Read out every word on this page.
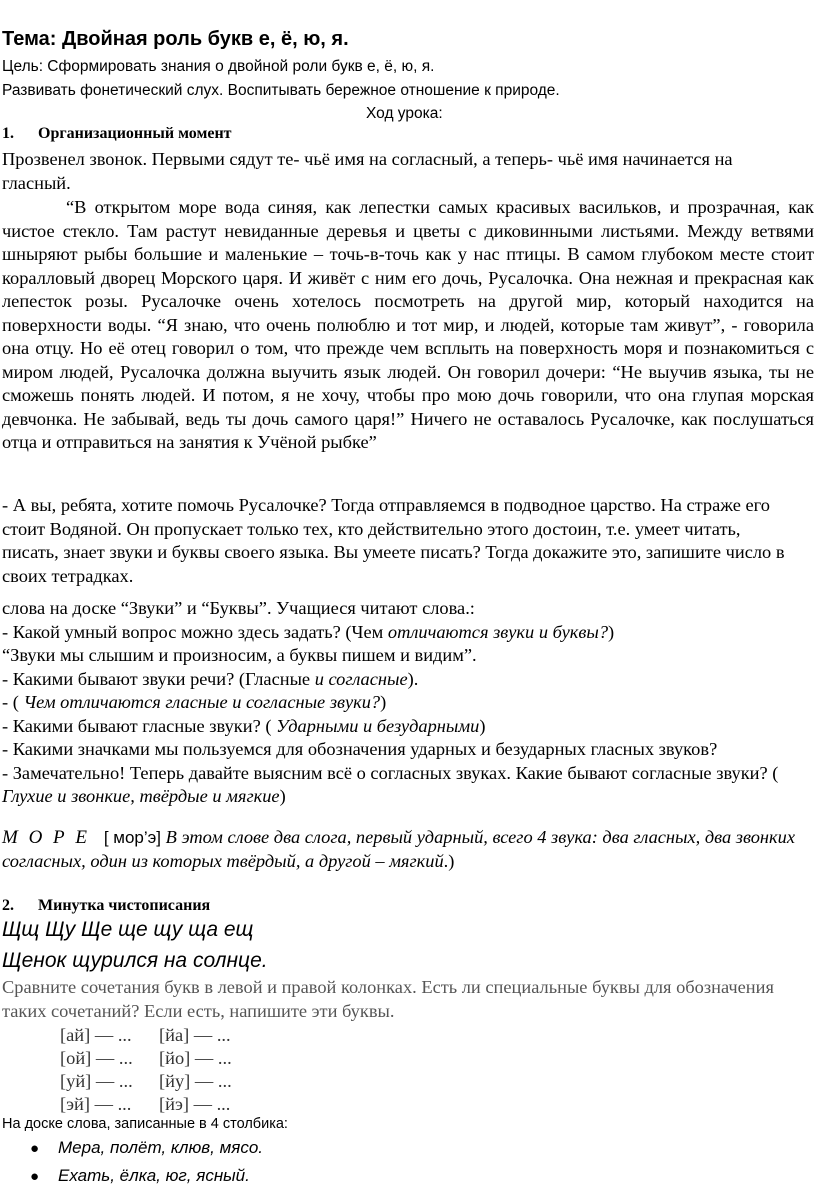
Тема: Двойная роль букв е, ё, ю, я.
Цель: Сформировать знания о двойной роли букв е, ё, ю, я.
Развивать фонетический слух. Воспитывать бережное отношение к природе.
Ход урока:
1. Организационный момент
Прозвенел звонок. Первыми сядут те- чьё имя на согласный, а теперь- чьё имя начинается на гласный.
“В открытом море вода синяя, как лепестки самых красивых васильков, и прозрачная, как чистое стекло. Там растут невиданные деревья и цветы с диковинными листьями. Между ветвями шныряют рыбы большие и маленькие – точь-в-точь как у нас птицы. В самом глубоком месте стоит коралловый дворец Морского царя. И живёт с ним его дочь, Русалочка. Она нежная и прекрасная как лепесток розы. Русалочке очень хотелось посмотреть на другой мир, который находится на поверхности воды. “Я знаю, что очень полюблю и тот мир, и людей, которые там живут”, - говорила она отцу. Но её отец говорил о том, что прежде чем всплыть на поверхность моря и познакомиться с миром людей, Русалочка должна выучить язык людей. Он говорил дочери: “Не выучив языка, ты не сможешь понять людей. И потом, я не хочу, чтобы про мою дочь говорили, что она глупая морская девчонка. Не забывай, ведь ты дочь самого царя!” Ничего не оставалось Русалочке, как послушаться отца и отправиться на занятия к Учёной рыбке”
- А вы, ребята, хотите помочь Русалочке? Тогда отправляемся в подводное царство. На страже его стоит Водяной. Он пропускает только тех, кто действительно этого достоин, т.е. умеет читать, писать, знает звуки и буквы своего языка. Вы умеете писать? Тогда докажите это, запишите число в своих тетрадках.
слова на доске “Звуки” и “Буквы”. Учащиеся читают слова.:
- Какой умный вопрос можно здесь задать? (Чем отличаются звуки и буквы?)
“Звуки мы слышим и произносим, а буквы пишем и видим”.
- Какими бывают звуки речи? (Гласные и согласные).
- ( Чем отличаются гласные и согласные звуки?)
- Какими бывают гласные звуки? ( Ударными и безударными)
- Какими значками мы пользуемся для обозначения ударных и безударных гласных звуков?
- Замечательно! Теперь давайте выясним всё о согласных звуках. Какие бывают согласные звуки? ( Глухие и звонкие, твёрдые и мягкие)
М О Р Е [ мор’э] В этом слове два слога, первый ударный, всего 4 звука: два гласных, два звонких согласных, один из которых твёрдый, а другой – мягкий.)
2. Минутка чистописания
Щщ Щу Ще ще щу ща ещ
Щенок щурился на солнце.
Сравните сочетания букв в левой и правой колонках. Есть ли специальные буквы для обозначения таких сочетаний? Если есть, напишите эти буквы.
[ай] — ... [йа] — ...
[ой] — ... [йо] — ...
[уй] — ... [йу] — ...
[эй] — ... [йэ] — ...
На доске слова, записанные в 4 столбика:
● Мера, полёт, клюв, мясо.
● Ехать, ёлка, юг, ясный.
